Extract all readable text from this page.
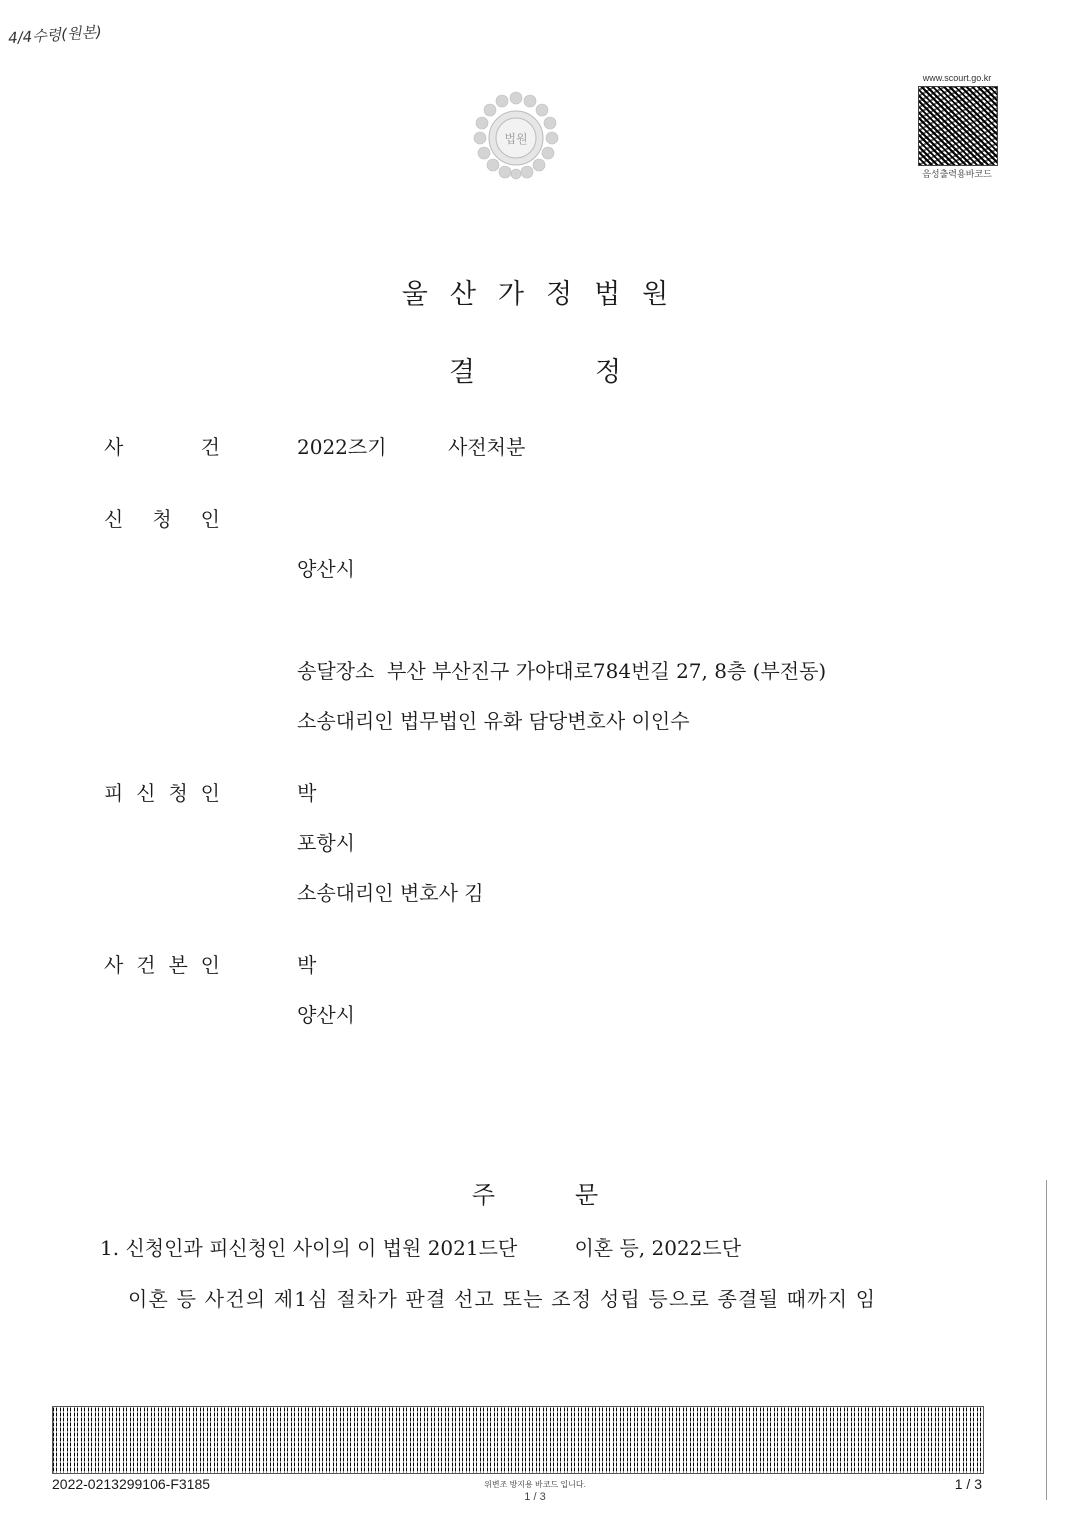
4/4수령(원본)
법원
www.scourt.go.kr
음성출력용바코드
울산가정법원
결정
사	건	2022즈기	사전처분
신 청 인
양산시
송달장소  부산 부산진구 가야대로784번길 27, 8층 (부전동)
소송대리인 법무법인 유화 담당변호사 이인수
피 신 청 인	박
포항시
소송대리인 변호사 김
사 건 본 인	박
양산시
주문
1. 신청인과 피신청인 사이의 이 법원 2021드단         이혼 등, 2022드단
이혼 등 사건의 제1심 절차가 판결 선고 또는 조정 성립 등으로 종결될 때까지 임
2022-0213299106-F3185	위변조 방지용 바코드 입니다.
1 / 3
1 / 3
